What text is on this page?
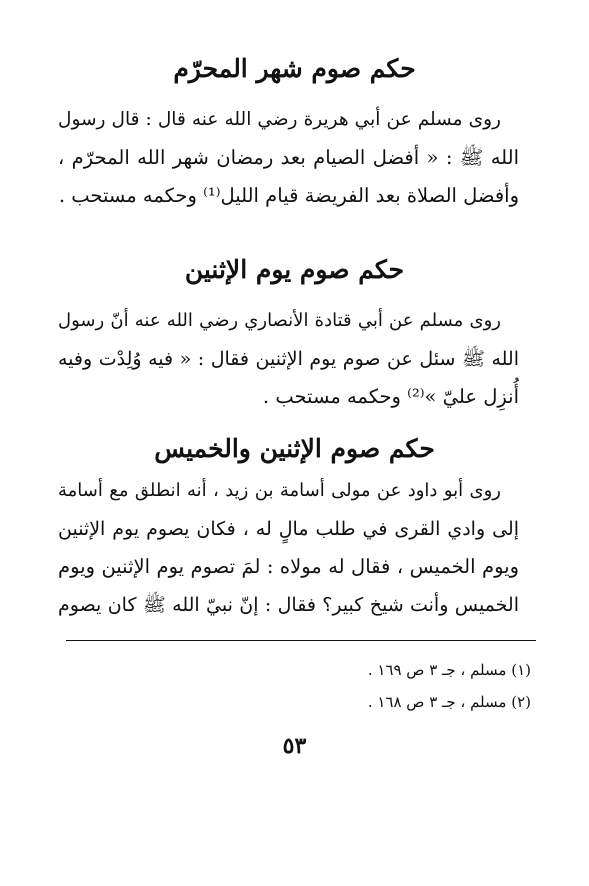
حكم صوم شهر المحرّم
روى مسلم عن أبي هريرة رضي الله عنه قال : قال رسول
الله ﷺ : « أفضل الصيام بعد رمضان شهر الله المحرّم ،
وأفضل الصلاة بعد الفريضة قيام الليل⁽¹⁾ وحكمه مستحب .
حكم صوم يوم الإثنين
روى مسلم عن أبي قتادة الأنصاري رضي الله عنه أنّ رسول
الله ﷺ سئل عن صوم يوم الإثنين فقال : « فيه وُلِدْت وفيه
أُنزِل عليّ »⁽²⁾ وحكمه مستحب .
حكم صوم الإثنين والخميس
روى أبو داود عن مولى أسامة بن زيد ، أنه انطلق مع أسامة
إلى وادي القرى في طلب مالٍ له ، فكان يصوم يوم الإثنين
ويوم الخميس ، فقال له مولاه : لمَ تصوم يوم الإثنين ويوم
الخميس وأنت شيخ كبير؟ فقال : إنّ نبيّ الله ﷺ كان يصوم
(١) مسلم ، جـ ٣ ص ١٦٩ .
(٢) مسلم ، جـ ٣ ص ١٦٨ .
٥٣
